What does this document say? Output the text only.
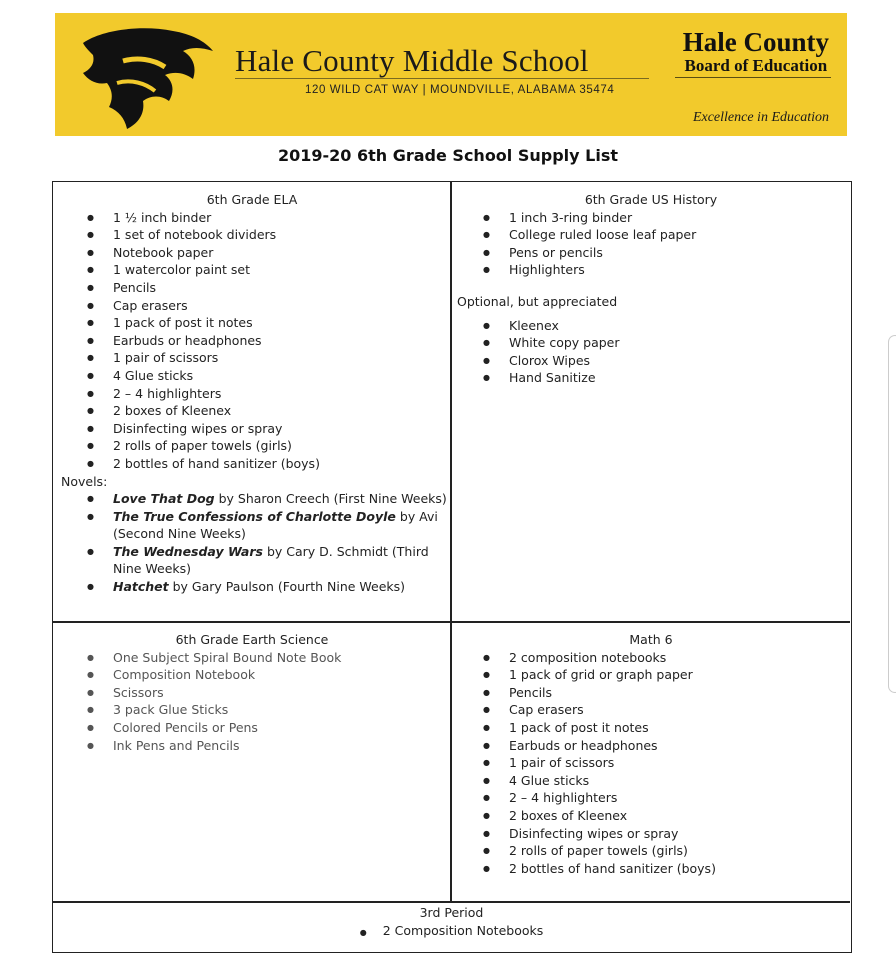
Hale County Middle School
120 WILD CAT WAY | MOUNDVILLE, ALABAMA 35474
Hale County
Board of Education
Excellence in Education
2019-20 6th Grade School Supply List
6th Grade ELA
● 1 ½ inch binder
● 1 set of notebook dividers
● Notebook paper
● 1 watercolor paint set
● Pencils
● Cap erasers
● 1 pack of post it notes
● Earbuds or headphones
● 1 pair of scissors
● 4 Glue sticks
● 2 – 4 highlighters
● 2 boxes of Kleenex
● Disinfecting wipes or spray
● 2 rolls of paper towels (girls)
● 2 bottles of hand sanitizer (boys)
Novels:
● Love That Dog by Sharon Creech (First Nine Weeks)
● The True Confessions of Charlotte Doyle by Avi (Second Nine Weeks)
● The Wednesday Wars by Cary D. Schmidt (Third Nine Weeks)
● Hatchet by Gary Paulson (Fourth Nine Weeks)
6th Grade US History
● 1 inch 3-ring binder
● College ruled loose leaf paper
● Pens or pencils
● Highlighters
Optional, but appreciated
● Kleenex
● White copy paper
● Clorox Wipes
● Hand Sanitize
6th Grade Earth Science
● One Subject Spiral Bound Note Book
● Composition Notebook
● Scissors
● 3 pack Glue Sticks
● Colored Pencils or Pens
● Ink Pens and Pencils
Math 6
● 2 composition notebooks
● 1 pack of grid or graph paper
● Pencils
● Cap erasers
● 1 pack of post it notes
● Earbuds or headphones
● 1 pair of scissors
● 4 Glue sticks
● 2 – 4 highlighters
● 2 boxes of Kleenex
● Disinfecting wipes or spray
● 2 rolls of paper towels (girls)
● 2 bottles of hand sanitizer (boys)
3rd Period
● 2 Composition Notebooks
